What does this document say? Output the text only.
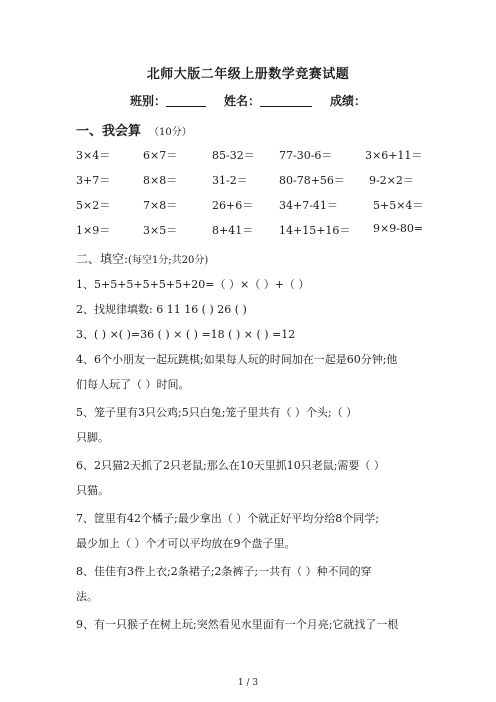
北师大版二年级上册数学竞赛试题
班别：	姓名：	成绩：
一、我会算 （10分）
3×4＝	6×7＝	85-32＝ 77-30-6＝	3×6+11＝
3+7＝	8×8＝	31-2＝	80-78+56＝ 9-2×2＝
5×2＝	7×8＝	26+6＝ 34+7-41＝	5+5×4＝
1×9＝	3×5＝	8+41＝ 14+15+16＝ 9×9-80=
二、填空:(每空1分;共20分)
1、5+5+5+5+5+5+20=（ ）×（ ）+（ ）
2、找规律填数: 6 11 16 ( ) 26 ( )
3、( ) ×( )=36 ( ) × ( ) =18 ( ) × ( ) =12
4、6个小朋友一起玩跳棋;如果每人玩的时间加在一起是60分钟;他
们每人玩了（ ）时间。
5、笼子里有3只公鸡;5只白兔;笼子里共有（ ）个头;（ ）
只脚。
6、2只猫2天抓了2只老鼠;那么在10天里抓10只老鼠;需要（ ）
只猫。
7、筐里有42个橘子;最少拿出（ ）个就正好平均分给8个同学;
最少加上（ ）个才可以平均放在9个盘子里。
8、佳佳有3件上衣;2条裙子;2条裤子;一共有（ ）种不同的穿
法。
9、有一只猴子在树上玩;突然看见水里面有一个月亮;它就找了一根
1 / 3
